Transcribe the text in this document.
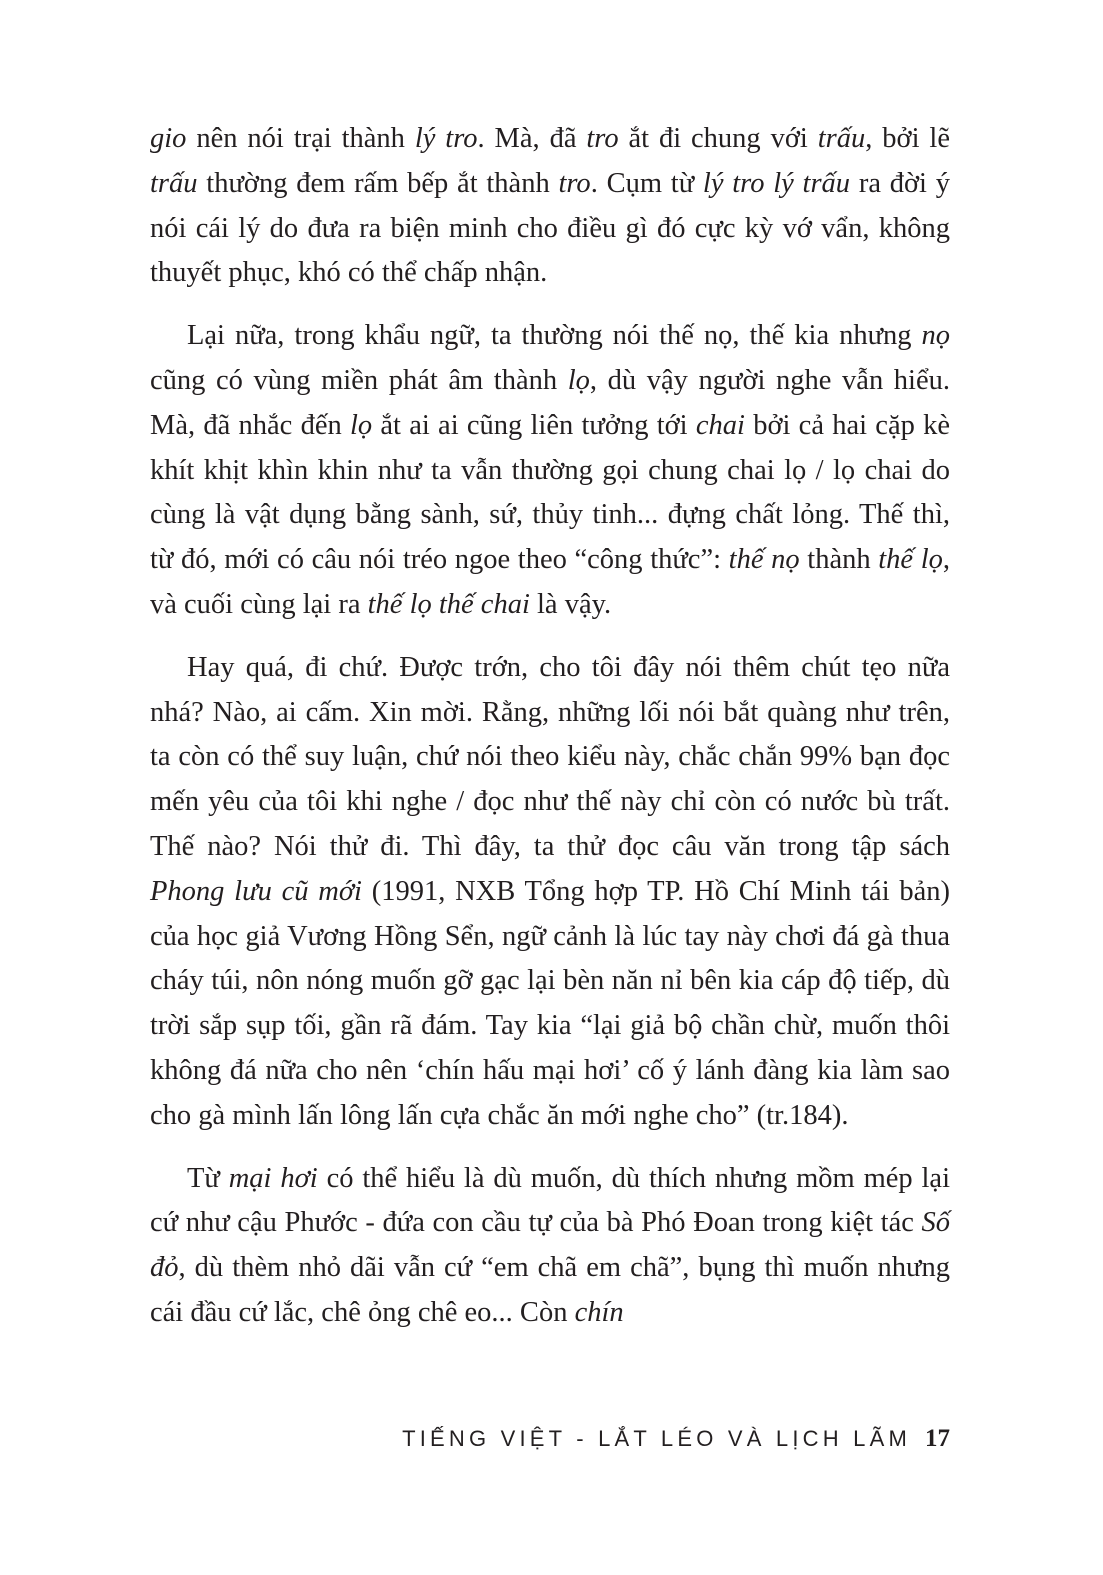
gio nên nói trại thành lý tro. Mà, đã tro ắt đi chung với trấu, bởi lẽ trấu thường đem rấm bếp ắt thành tro. Cụm từ lý tro lý trấu ra đời ý nói cái lý do đưa ra biện minh cho điều gì đó cực kỳ vớ vẩn, không thuyết phục, khó có thể chấp nhận.

Lại nữa, trong khẩu ngữ, ta thường nói thế nọ, thế kia nhưng nọ cũng có vùng miền phát âm thành lọ, dù vậy người nghe vẫn hiểu. Mà, đã nhắc đến lọ ắt ai ai cũng liên tưởng tới chai bởi cả hai cặp kè khít khịt khìn khin như ta vẫn thường gọi chung chai lọ / lọ chai do cùng là vật dụng bằng sành, sứ, thủy tinh... đựng chất lỏng. Thế thì, từ đó, mới có câu nói tréo ngoe theo “công thức”: thế nọ thành thế lọ, và cuối cùng lại ra thế lọ thế chai là vậy.

Hay quá, đi chứ. Được trớn, cho tôi đây nói thêm chút tẹo nữa nhá? Nào, ai cấm. Xin mời. Rằng, những lối nói bắt quàng như trên, ta còn có thể suy luận, chứ nói theo kiểu này, chắc chắn 99% bạn đọc mến yêu của tôi khi nghe / đọc như thế này chỉ còn có nước bù trất. Thế nào? Nói thử đi. Thì đây, ta thử đọc câu văn trong tập sách Phong lưu cũ mới (1991, NXB Tổng hợp TP. Hồ Chí Minh tái bản) của học giả Vương Hồng Sển, ngữ cảnh là lúc tay này chơi đá gà thua cháy túi, nôn nóng muốn gỡ gạc lại bèn năn nỉ bên kia cáp độ tiếp, dù trời sắp sụp tối, gần rã đám. Tay kia “lại giả bộ chần chừ, muốn thôi không đá nữa cho nên ‘chín hấu mại hơi’ cố ý lánh đàng kia làm sao cho gà mình lấn lông lấn cựa chắc ăn mới nghe cho” (tr.184).

Từ mại hơi có thể hiểu là dù muốn, dù thích nhưng mồm mép lại cứ như cậu Phước - đứa con cầu tự của bà Phó Đoan trong kiệt tác Số đỏ, dù thèm nhỏ dãi vẫn cứ “em chã em chã”, bụng thì muốn nhưng cái đầu cứ lắc, chê ỏng chê eo... Còn chín

TIẾNG VIỆT - LẮT LÉO VÀ LỊCH LÃM 17
